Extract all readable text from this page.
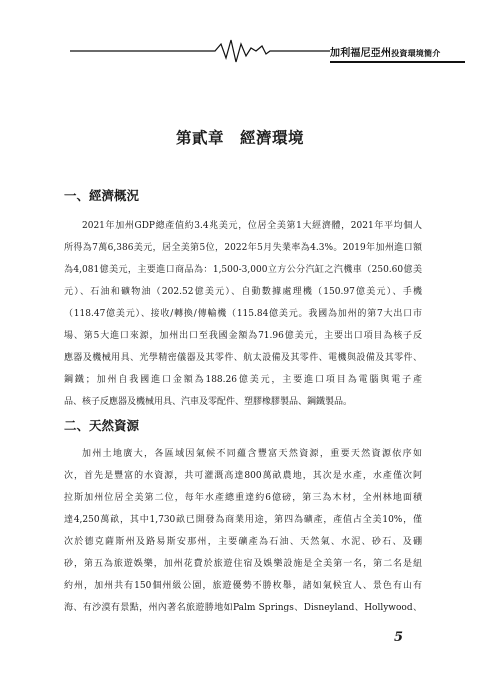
加利福尼亞州投資環境簡介
第貳章　經濟環境
一、經濟概況
2021年加州GDP總產值約3.4兆美元，位居全美第1大經濟體，2021年平均個人
所得為7萬6,386美元，居全美第5位，2022年5月失業率為4.3%。2019年加州進口額
為4,081億美元，主要進口商品為：1,500-3,000立方公分汽缸之汽機車（250.60億美
元）、石油和礦物油（202.52億美元）、自動數據處理機（150.97億美元）、手機
（118.47億美元）、接收/轉換/傳輸機（115.84億美元。我國為加州的第7大出口市
場、第5大進口來源，加州出口至我國金額為71.96億美元，主要出口項目為核子反
應器及機械用具、光學精密儀器及其零件、航太設備及其零件、電機與設備及其零件、
鋼鐵；加州自我國進口金額為188.26億美元，主要進口項目為電腦與電子產
品、核子反應器及機械用具、汽車及零配件、塑膠橡膠製品、鋼鐵製品。
二、天然資源
加州土地廣大，各區域因氣候不同蘊含豐富天然資源，重要天然資源依序如
次，首先是豐富的水資源，共可灌溉高達800萬畝農地，其次是水產，水產僅次阿
拉斯加州位居全美第二位，每年水產總重達約6億磅，第三為木材，全州林地面積
達4,250萬畝，其中1,730畝已開發為商業用途，第四為礦產，產值占全美10%，僅
次於德克薩斯州及路易斯安那州，主要礦產為石油、天然氣、水泥、砂石、及硼
砂，第五為旅遊娛樂，加州花費於旅遊住宿及娛樂設施是全美第一名，第二名是紐
約州，加州共有150個州級公園，旅遊優勢不勝枚舉，諸如氣候宜人、景色有山有
海、有沙漠有景點，州內著名旅遊勝地如Palm Springs、Disneyland、Hollywood、
5
